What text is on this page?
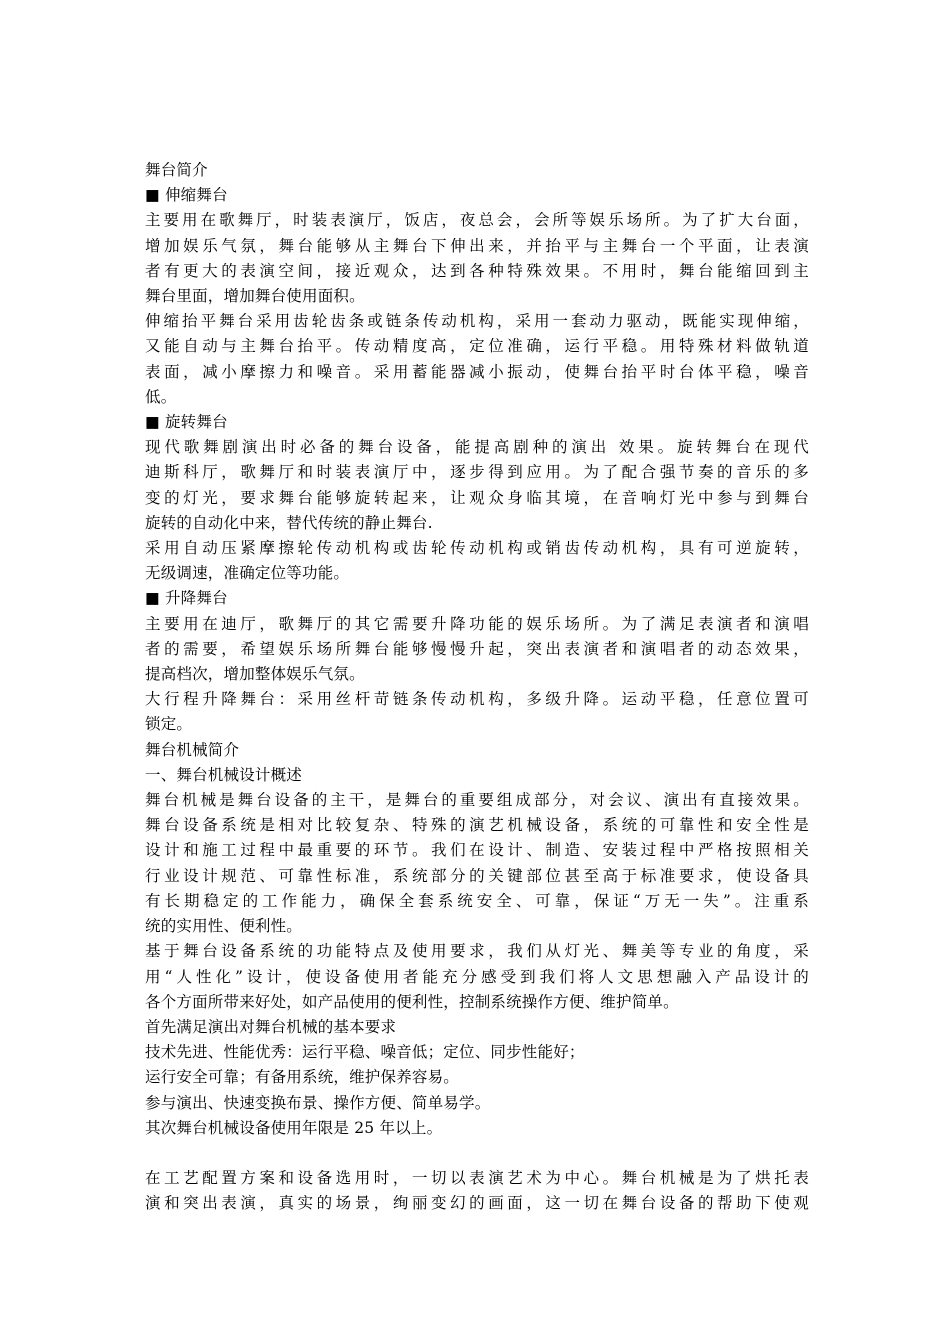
舞台简介
■ 伸缩舞台
主要用在歌舞厅，时装表演厅，饭店，夜总会，会所等娱乐场所。为了扩大台面，
增加娱乐气氛，舞台能够从主舞台下伸出来，并抬平与主舞台一个平面，让表演
者有更大的表演空间，接近观众，达到各种特殊效果。不用时，舞台能缩回到主
舞台里面，增加舞台使用面积。
伸缩抬平舞台采用齿轮齿条或链条传动机构，采用一套动力驱动，既能实现伸缩，
又能自动与主舞台抬平。传动精度高，定位准确，运行平稳。用特殊材料做轨道
表面，减小摩擦力和噪音。采用蓄能器减小振动，使舞台抬平时台体平稳，噪音
低。
■ 旋转舞台
现代歌舞剧演出时必备的舞台设备，能提高剧种的演出 效果。旋转舞台在现代
迪斯科厅，歌舞厅和时装表演厅中，逐步得到应用。为了配合强节奏的音乐的多
变的灯光，要求舞台能够旋转起来，让观众身临其境，在音响灯光中参与到舞台
旋转的自动化中来，替代传统的静止舞台.
采用自动压紧摩擦轮传动机构或齿轮传动机构或销齿传动机构，具有可逆旋转，
无级调速，准确定位等功能。
■ 升降舞台
主要用在迪厅，歌舞厅的其它需要升降功能的娱乐场所。为了满足表演者和演唱
者的需要，希望娱乐场所舞台能够慢慢升起，突出表演者和演唱者的动态效果，
提高档次，增加整体娱乐气氛。
大行程升降舞台：采用丝杆苛链条传动机构，多级升降。运动平稳，任意位置可
锁定。
舞台机械简介
一、舞台机械设计概述
舞台机械是舞台设备的主干，是舞台的重要组成部分，对会议、演出有直接效果。
舞台设备系统是相对比较复杂、特殊的演艺机械设备，系统的可靠性和安全性是
设计和施工过程中最重要的环节。我们在设计、制造、安装过程中严格按照相关
行业设计规范、可靠性标准，系统部分的关键部位甚至高于标准要求，使设备具
有长期稳定的工作能力，确保全套系统安全、可靠，保证“万无一失”。注重系
统的实用性、便利性。
基于舞台设备系统的功能特点及使用要求，我们从灯光、舞美等专业的角度，采
用“人性化”设计，使设备使用者能充分感受到我们将人文思想融入产品设计的
各个方面所带来好处，如产品使用的便利性，控制系统操作方便、维护简单。
首先满足演出对舞台机械的基本要求
技术先进、性能优秀：运行平稳、噪音低；定位、同步性能好；
运行安全可靠；有备用系统，维护保养容易。
参与演出、快速变换布景、操作方便、简单易学。
其次舞台机械设备使用年限是 25 年以上。
在工艺配置方案和设备选用时，一切以表演艺术为中心。舞台机械是为了烘托表
演和突出表演，真实的场景，绚丽变幻的画面，这一切在舞台设备的帮助下使观
